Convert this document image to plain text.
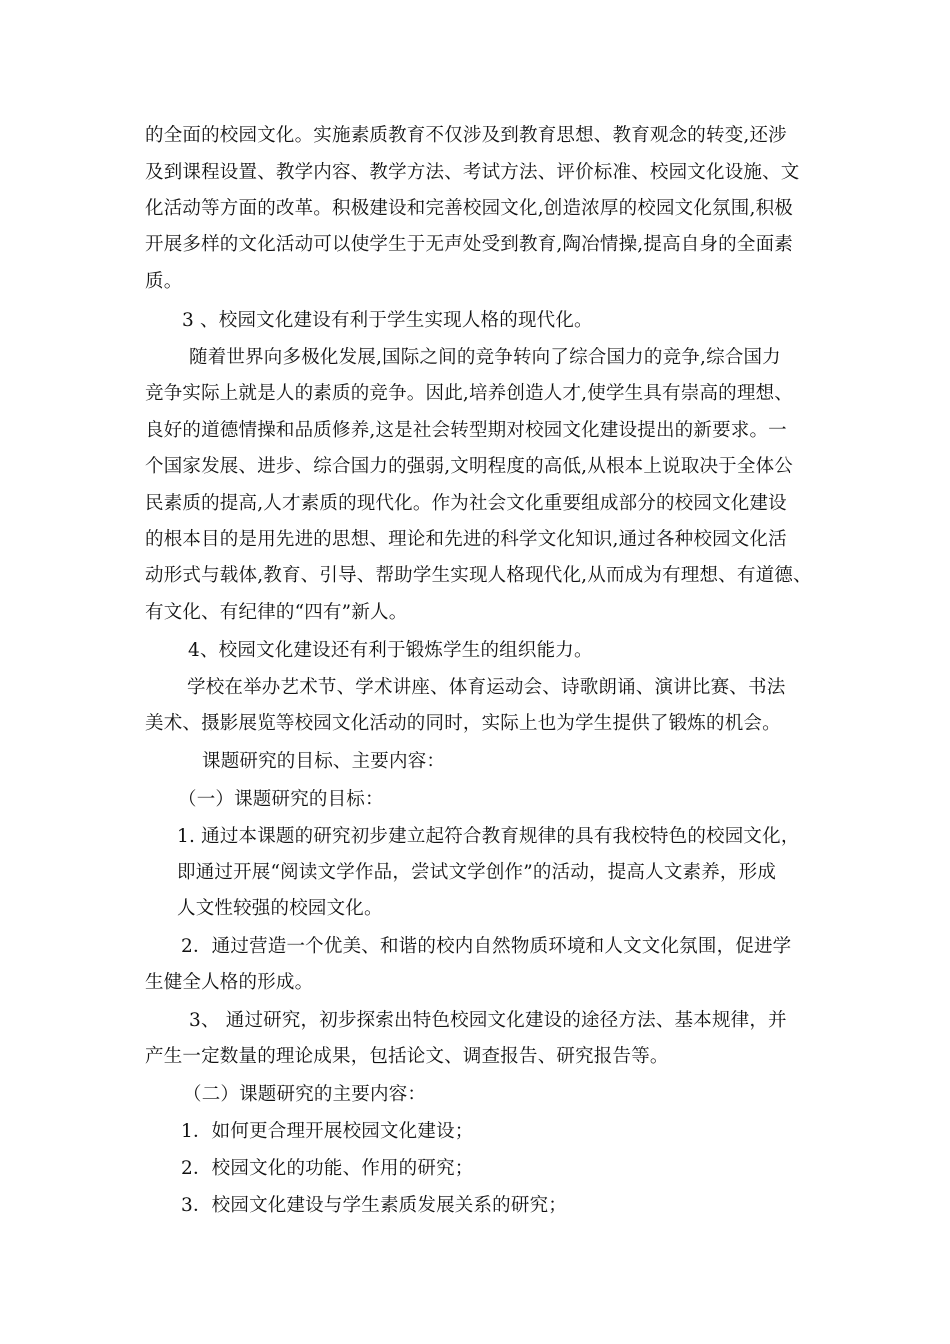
的全面的校园文化。实施素质教育不仅涉及到教育思想、教育观念的转变,还涉
及到课程设置、教学内容、教学方法、考试方法、评价标准、校园文化设施、文
化活动等方面的改革。积极建设和完善校园文化,创造浓厚的校园文化氛围,积极
开展多样的文化活动可以使学生于无声处受到教育,陶冶情操,提高自身的全面素
质。
3 、校园文化建设有利于学生实现人格的现代化。
随着世界向多极化发展,国际之间的竞争转向了综合国力的竞争,综合国力
竞争实际上就是人的素质的竞争。因此,培养创造人才,使学生具有崇高的理想、
良好的道德情操和品质修养,这是社会转型期对校园文化建设提出的新要求。一
个国家发展、进步、综合国力的强弱,文明程度的高低,从根本上说取决于全体公
民素质的提高,人才素质的现代化。作为社会文化重要组成部分的校园文化建设
的根本目的是用先进的思想、理论和先进的科学文化知识,通过各种校园文化活
动形式与载体,教育、引导、帮助学生实现人格现代化,从而成为有理想、有道德、
有文化、有纪律的“四有”新人。
4、校园文化建设还有利于锻炼学生的组织能力。
学校在举办艺术节、学术讲座、体育运动会、诗歌朗诵、演讲比赛、书法
美术、摄影展览等校园文化活动的同时，实际上也为学生提供了锻炼的机会。
课题研究的目标、主要内容：
（一）课题研究的目标：
1. 通过本课题的研究初步建立起符合教育规律的具有我校特色的校园文化，
即通过开展“阅读文学作品，尝试文学创作”的活动，提高人文素养，形成
人文性较强的校园文化。
2．通过营造一个优美、和谐的校内自然物质环境和人文文化氛围，促进学
生健全人格的形成。
3、 通过研究，初步探索出特色校园文化建设的途径方法、基本规律，并
产生一定数量的理论成果，包括论文、调查报告、研究报告等。
（二）课题研究的主要内容：
1．如何更合理开展校园文化建设；
2．校园文化的功能、作用的研究；
3．校园文化建设与学生素质发展关系的研究；
